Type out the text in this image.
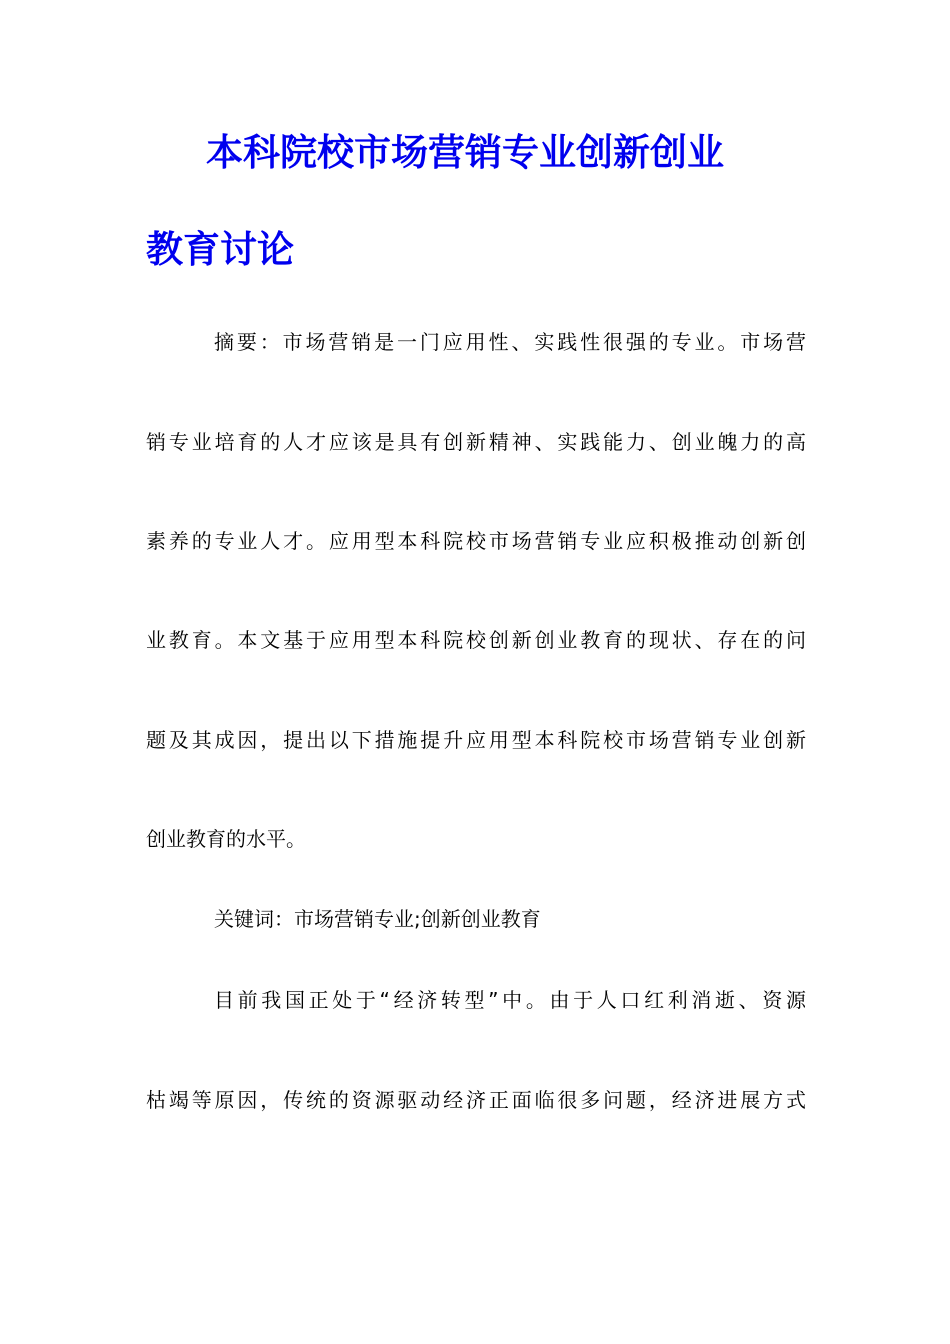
本科院校市场营销专业创新创业
教育讨论
摘要：市场营销是一门应用性、实践性很强的专业。市场营
销专业培育的人才应该是具有创新精神、实践能力、创业魄力的高
素养的专业人才。应用型本科院校市场营销专业应积极推动创新创
业教育。本文基于应用型本科院校创新创业教育的现状、存在的问
题及其成因，提出以下措施提升应用型本科院校市场营销专业创新
创业教育的水平。
关键词：市场营销专业;创新创业教育
目前我国正处于“经济转型”中。由于人口红利消逝、资源
枯竭等原因，传统的资源驱动经济正面临很多问题，经济进展方式
